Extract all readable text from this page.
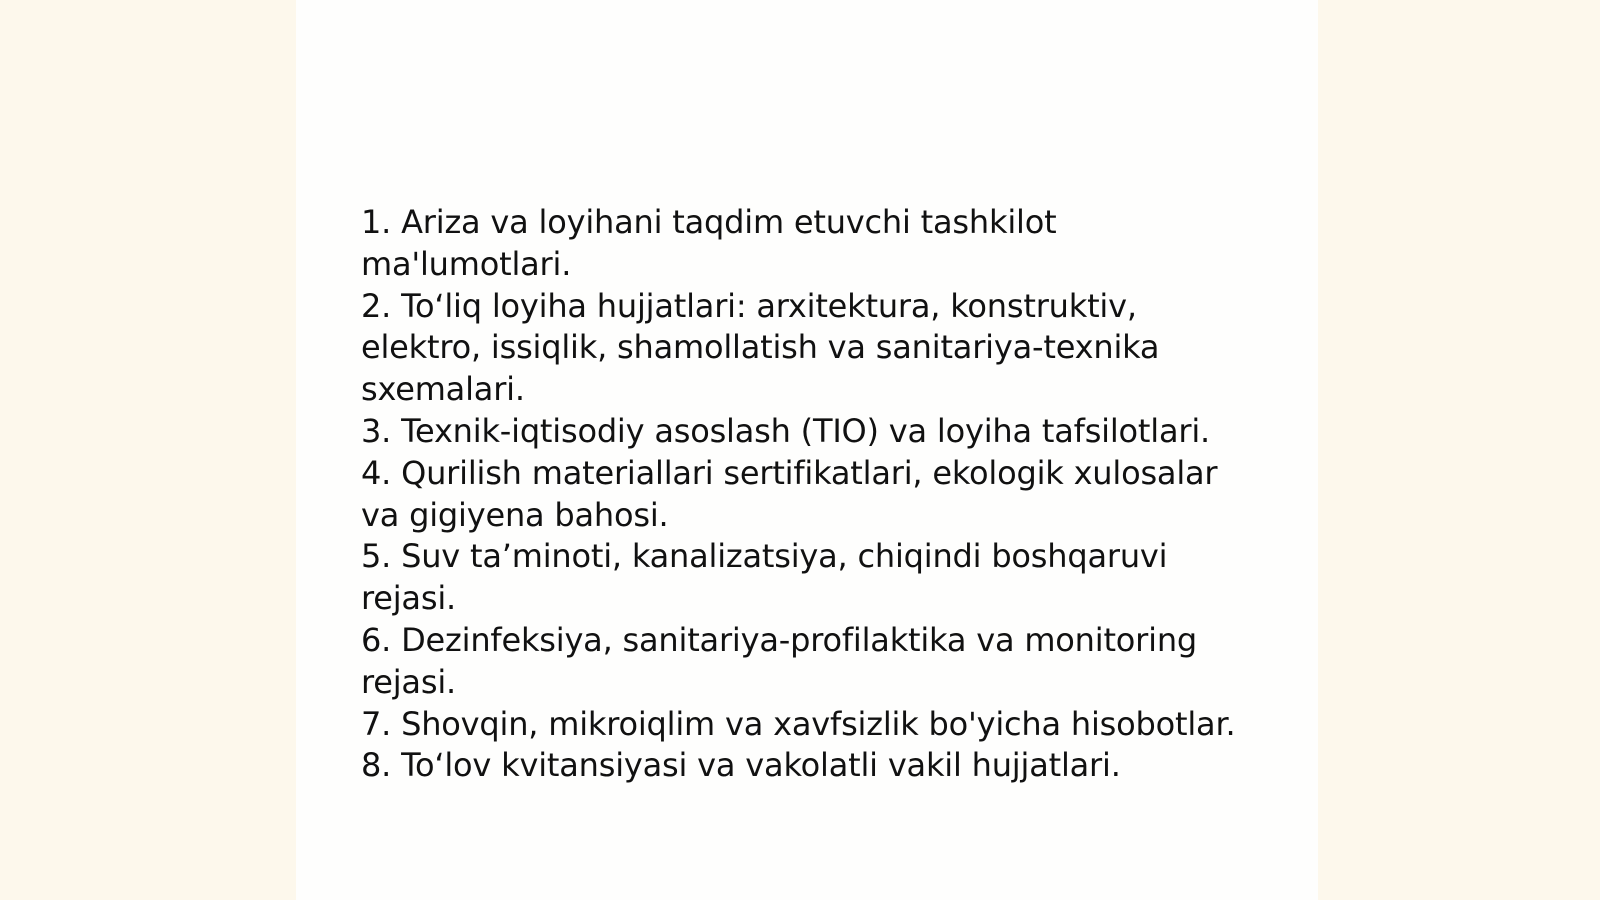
1. Ariza va loyihani taqdim etuvchi tashkilot ma'lumotlari.
2. To‘liq loyiha hujjatlari: arxitektura, konstruktiv, elektro, issiqlik, shamollatish va sanitariya-texnika sxemalari.
3. Texnik-iqtisodiy asoslash (TIO) va loyiha tafsilotlari.
4. Qurilish materiallari sertifikatlari, ekologik xulosalar va gigiyena bahosi.
5. Suv ta’minoti, kanalizatsiya, chiqindi boshqaruvi rejasi.
6. Dezinfeksiya, sanitariya-profilaktika va monitoring rejasi.
7. Shovqin, mikroiqlim va xavfsizlik bo'yicha hisobotlar.
8. To‘lov kvitansiyasi va vakolatli vakil hujjatlari.
